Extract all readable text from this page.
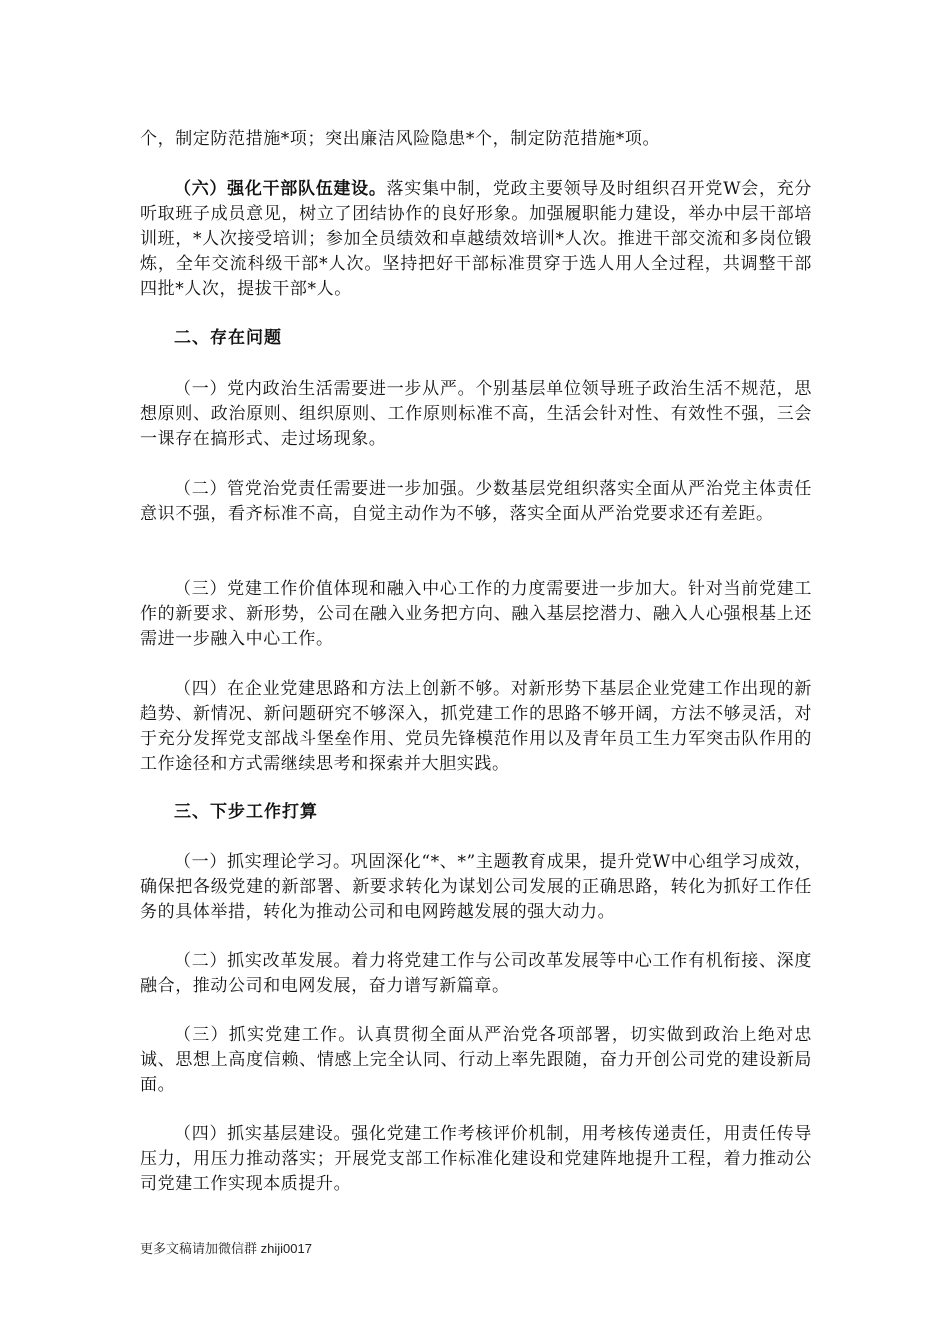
个，制定防范措施*项；突出廉洁风险隐患*个，制定防范措施*项。

（六）强化干部队伍建设。落实集中制，党政主要领导及时组织召开党W会，充分听取班子成员意见，树立了团结协作的良好形象。加强履职能力建设，举办中层干部培训班，*人次接受培训；参加全员绩效和卓越绩效培训*人次。推进干部交流和多岗位锻炼，全年交流科级干部*人次。坚持把好干部标准贯穿于选人用人全过程，共调整干部四批*人次，提拔干部*人。

二、存在问题

（一）党内政治生活需要进一步从严。个别基层单位领导班子政治生活不规范，思想原则、政治原则、组织原则、工作原则标准不高，生活会针对性、有效性不强，三会一课存在搞形式、走过场现象。

（二）管党治党责任需要进一步加强。少数基层党组织落实全面从严治党主体责任意识不强，看齐标准不高，自觉主动作为不够，落实全面从严治党要求还有差距。

（三）党建工作价值体现和融入中心工作的力度需要进一步加大。针对当前党建工作的新要求、新形势，公司在融入业务把方向、融入基层挖潜力、融入人心强根基上还需进一步融入中心工作。

（四）在企业党建思路和方法上创新不够。对新形势下基层企业党建工作出现的新趋势、新情况、新问题研究不够深入，抓党建工作的思路不够开阔，方法不够灵活，对于充分发挥党支部战斗堡垒作用、党员先锋模范作用以及青年员工生力军突击队作用的工作途径和方式需继续思考和探索并大胆实践。

三、下步工作打算

（一）抓实理论学习。巩固深化“*、*”主题教育成果，提升党W中心组学习成效，确保把各级党建的新部署、新要求转化为谋划公司发展的正确思路，转化为抓好工作任务的具体举措，转化为推动公司和电网跨越发展的强大动力。

（二）抓实改革发展。着力将党建工作与公司改革发展等中心工作有机衔接、深度融合，推动公司和电网发展，奋力谱写新篇章。

（三）抓实党建工作。认真贯彻全面从严治党各项部署，切实做到政治上绝对忠诚、思想上高度信赖、情感上完全认同、行动上率先跟随，奋力开创公司党的建设新局面。

（四）抓实基层建设。强化党建工作考核评价机制，用考核传递责任，用责任传导压力，用压力推动落实；开展党支部工作标准化建设和党建阵地提升工程，着力推动公司党建工作实现本质提升。

更多文稿请加微信群 zhiji0017
